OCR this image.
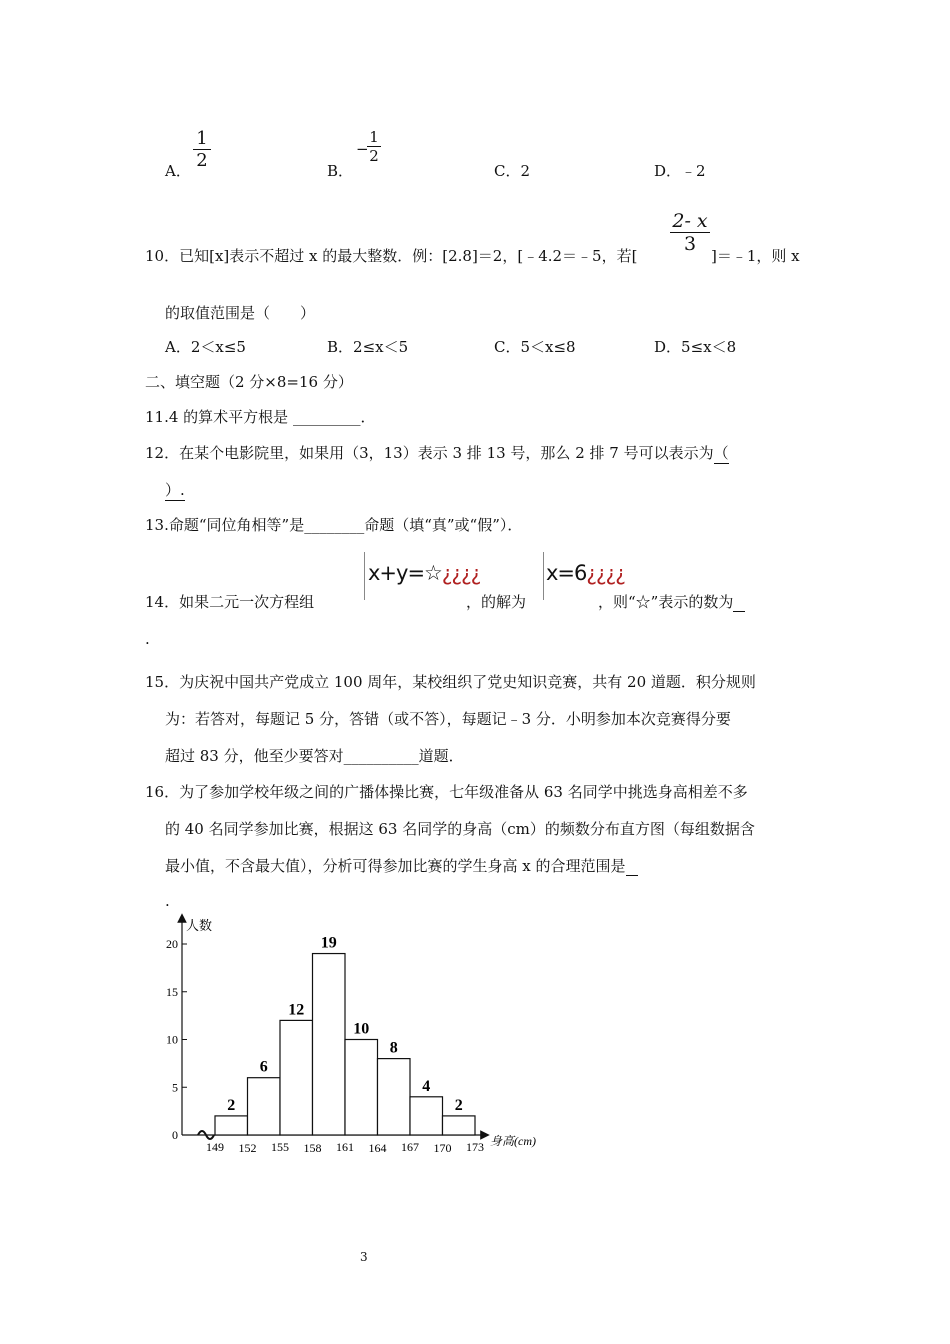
A．
1
2	B．
−
1
2
C．2	D．﹣2
10．已知[x]表示不超过 x 的最大整数．例：[2.8]＝2，[﹣4.2＝﹣5，若[
2- x
3
]＝﹣1，则 x
的取值范围是（　　）
A．2＜x≤5	B．2≤x＜5	C．5＜x≤8	D．5≤x＜8
二、填空题（2 分×8=16 分）
11.4 的算术平方根是 _________．
12．在某个电影院里，如果用（3，13）表示 3 排 13 号，那么 2 排 7 号可以表示为（
）.
13.命题“同位角相等”是________命题（填“真”或“假”）．
14．如果二元一次方程组
x+y=☆¿¿¿¿
，的解为
x=6¿¿¿¿
，则“☆”表示的数为
.
15．为庆祝中国共产党成立 100 周年，某校组织了党史知识竞赛，共有 20 道题．积分规则
为：若答对，每题记 5 分，答错（或不答），每题记﹣3 分．小明参加本次竞赛得分要
超过 83 分，他至少要答对__________道题．
16．为了参加学校年级之间的广播体操比赛，七年级准备从 63 名同学中挑选身高相差不多
的 40 名同学参加比赛，根据这 63 名同学的身高（cm）的频数分布直方图（每组数据含
最小值，不含最大值），分析可得参加比赛的学生身高 x 的合理范围是
.
人数
身高(cm)
0
5
10
15
20
2
6
12
19
10
8
4
2
149 152 155 158 161 164 167 170 173
3
